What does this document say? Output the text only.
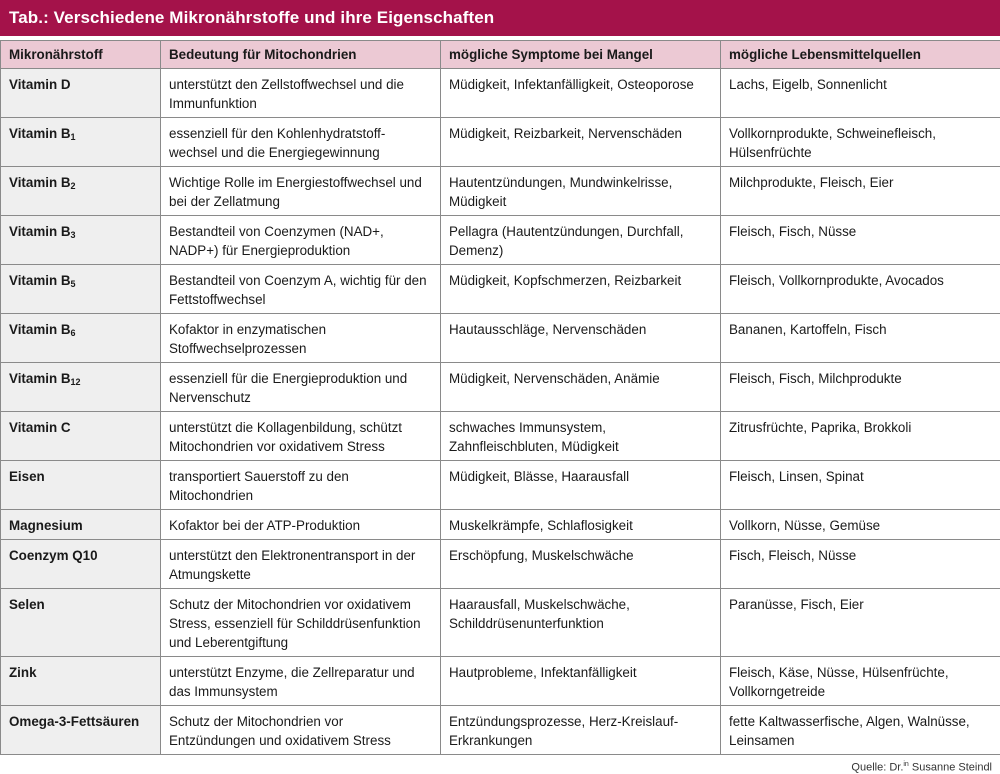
Tab.: Verschiedene Mikronährstoffe und ihre Eigenschaften
Mikronährstoff	Bedeutung für Mitochondrien	mögliche Symptome bei Mangel	mögliche Lebensmittelquellen
Vitamin D	unterstützt den Zellstoffwechsel und die Immunfunktion	Müdigkeit, Infektanfälligkeit, Osteoporose	Lachs, Eigelb, Sonnenlicht
Vitamin $B_1$	essenziell für den Kohlenhydratstoff-wechsel und die Energiegewinnung	Müdigkeit, Reizbarkeit, Nervenschäden	Vollkornprodukte, Schweinefleisch, Hülsenfrüchte
Vitamin $B_2$	Wichtige Rolle im Energiestoffwechsel und bei der Zellatmung	Hautentzündungen, Mundwinkelrisse, Müdigkeit	Milchprodukte, Fleisch, Eier
Vitamin $B_3$	Bestandteil von Coenzymen (NAD+, NADP+) für Energieproduktion	Pellagra (Hautentzündungen, Durchfall, Demenz)	Fleisch, Fisch, Nüsse
Vitamin $B_5$	Bestandteil von Coenzym A, wichtig für den Fettstoffwechsel	Müdigkeit, Kopfschmerzen, Reizbarkeit	Fleisch, Vollkornprodukte, Avocados
Vitamin $B_6$	Kofaktor in enzymatischen Stoffwechselprozessen	Hautausschläge, Nervenschäden	Bananen, Kartoffeln, Fisch
Vitamin $B_{12}$	essenziell für die Energieproduktion und Nervenschutz	Müdigkeit, Nervenschäden, Anämie	Fleisch, Fisch, Milchprodukte
Vitamin C	unterstützt die Kollagenbildung, schützt Mitochondrien vor oxidativem Stress	schwaches Immunsystem, Zahnfleischbluten, Müdigkeit	Zitrusfrüchte, Paprika, Brokkoli
Eisen	transportiert Sauerstoff zu den Mitochondrien	Müdigkeit, Blässe, Haarausfall	Fleisch, Linsen, Spinat
Magnesium	Kofaktor bei der ATP-Produktion	Muskelkrämpfe, Schlaflosigkeit	Vollkorn, Nüsse, Gemüse
Coenzym Q10	unterstützt den Elektronentransport in der Atmungskette	Erschöpfung, Muskelschwäche	Fisch, Fleisch, Nüsse
Selen	Schutz der Mitochondrien vor oxidativem Stress, essenziell für Schilddrüsenfunktion und Leberentgiftung	Haarausfall, Muskelschwäche, Schilddrüsenunterfunktion	Paranüsse, Fisch, Eier
Zink	unterstützt Enzyme, die Zellreparatur und das Immunsystem	Hautprobleme, Infektanfälligkeit	Fleisch, Käse, Nüsse, Hülsenfrüchte, Vollkorngetreide
Omega-3-Fettsäuren	Schutz der Mitochondrien vor Entzündungen und oxidativem Stress	Entzündungsprozesse, Herz-Kreislauf-Erkrankungen	fette Kaltwasserfische, Algen, Walnüsse, Leinsamen
Quelle: Dr.$^{in}$ Susanne Steindl
